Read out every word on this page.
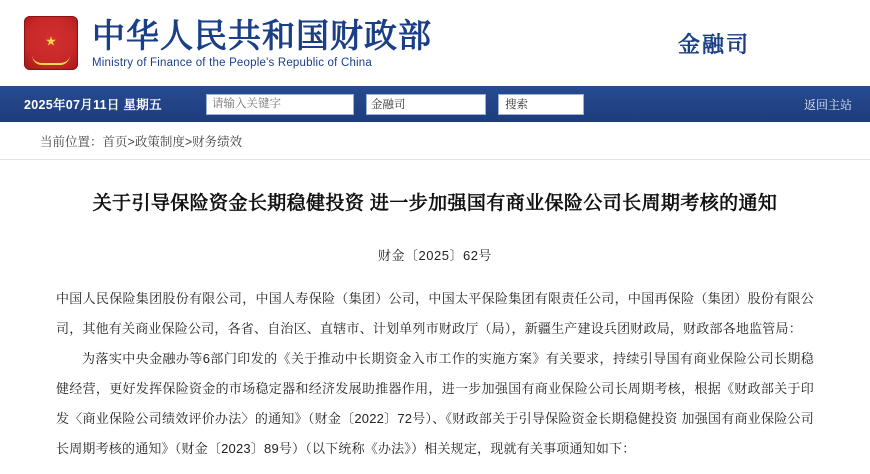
★ 中华人民共和国财政部
Ministry of Finance of the People's Republic of China
金融司
2025年07月11日 星期五
请输入关键字	金融司	搜索	返回主站
当前位置： 首页>政策制度>财务绩效
关于引导保险资金长期稳健投资 进一步加强国有商业保险公司长周期考核的通知
财金〔2025〕62号

中国人民保险集团股份有限公司，中国人寿保险（集团）公司，中国太平保险集团有限责任公司，中国再保险（集团）股份有限公司，其他有关商业保险公司，各省、自治区、直辖市、计划单列市财政厅（局），新疆生产建设兵团财政局，财政部各地监管局：

为落实中央金融办等6部门印发的《关于推动中长期资金入市工作的实施方案》有关要求，持续引导国有商业保险公司长期稳健经营，更好发挥保险资金的市场稳定器和经济发展助推器作用，进一步加强国有商业保险公司长周期考核，根据《财政部关于印发〈商业保险公司绩效评价办法〉的通知》（财金〔2022〕72号）、《财政部关于引导保险资金长期稳健投资 加强国有商业保险公司长周期考核的通知》（财金〔2023〕89号）（以下统称《办法》）相关规定，现就有关事项通知如下：
